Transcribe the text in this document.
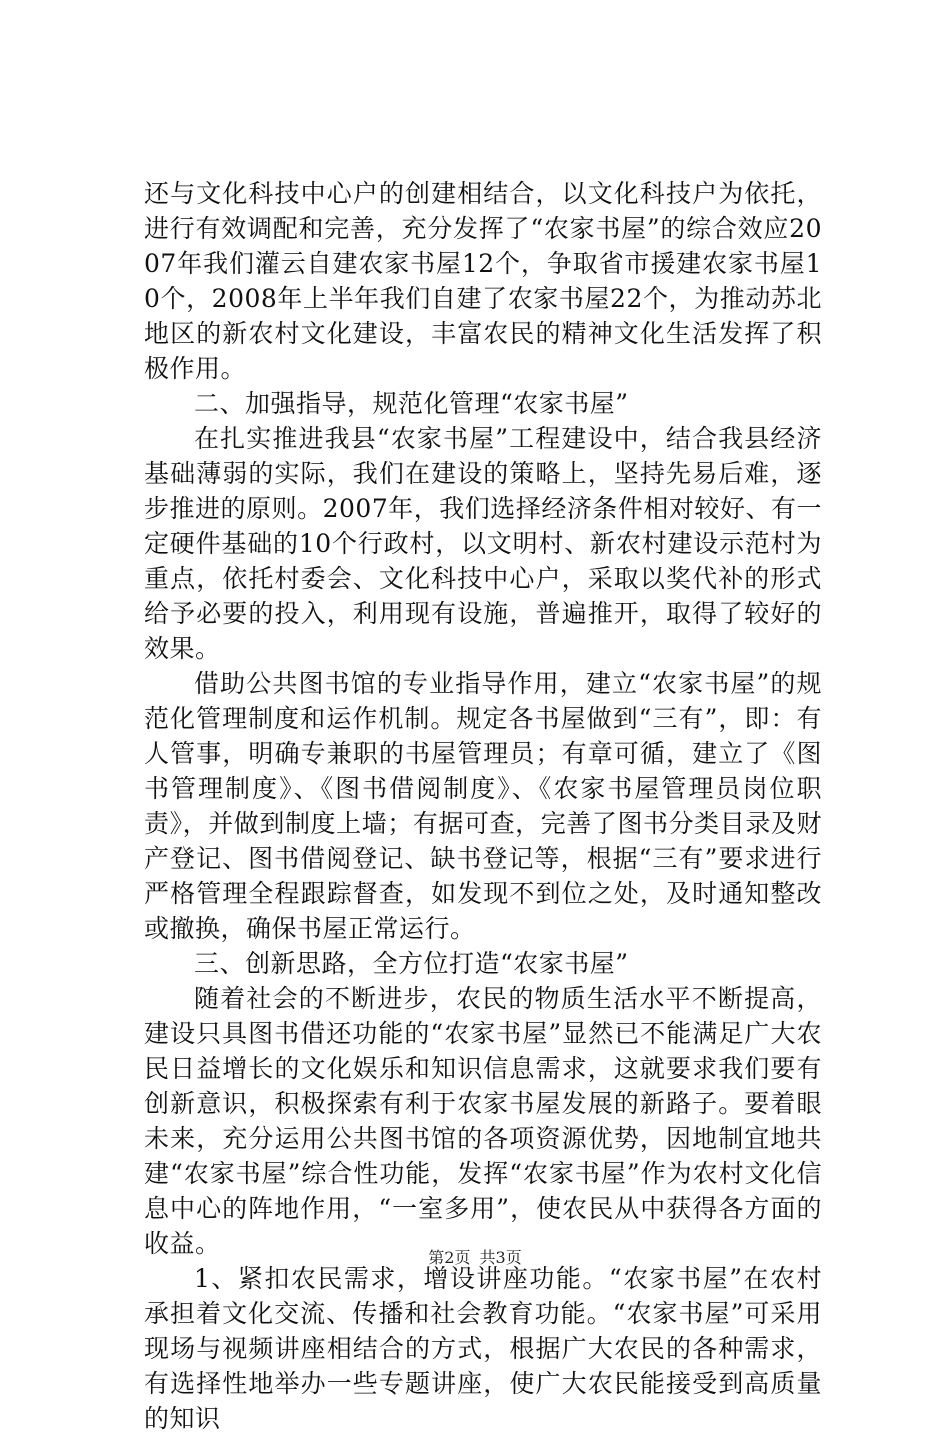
还与文化科技中心户的创建相结合，以文化科技户为依托，进行有效调配和完善，充分发挥了“农家书屋”的综合效应2007年我们灌云自建农家书屋12个，争取省市援建农家书屋10个，2008年上半年我们自建了农家书屋22个，为推动苏北地区的新农村文化建设，丰富农民的精神文化生活发挥了积极作用。

二、加强指导，规范化管理“农家书屋”

在扎实推进我县“农家书屋”工程建设中，结合我县经济基础薄弱的实际，我们在建设的策略上，坚持先易后难，逐步推进的原则。2007年，我们选择经济条件相对较好、有一定硬件基础的10个行政村，以文明村、新农村建设示范村为重点，依托村委会、文化科技中心户，采取以奖代补的形式给予必要的投入，利用现有设施，普遍推开，取得了较好的效果。

借助公共图书馆的专业指导作用，建立“农家书屋”的规范化管理制度和运作机制。规定各书屋做到“三有”，即：有人管事，明确专兼职的书屋管理员；有章可循，建立了《图书管理制度》、《图书借阅制度》、《农家书屋管理员岗位职责》，并做到制度上墙；有据可查，完善了图书分类目录及财产登记、图书借阅登记、缺书登记等，根据“三有”要求进行严格管理全程跟踪督查，如发现不到位之处，及时通知整改或撤换，确保书屋正常运行。

三、创新思路，全方位打造“农家书屋”

随着社会的不断进步，农民的物质生活水平不断提高，建设只具图书借还功能的“农家书屋”显然已不能满足广大农民日益增长的文化娱乐和知识信息需求，这就要求我们要有创新意识，积极探索有利于农家书屋发展的新路子。要着眼未来，充分运用公共图书馆的各项资源优势，因地制宜地共建“农家书屋”综合性功能，发挥“农家书屋”作为农村文化信息中心的阵地作用，“一室多用”，使农民从中获得各方面的收益。

1、紧扣农民需求，增设讲座功能。“农家书屋”在农村承担着文化交流、传播和社会教育功能。“农家书屋”可采用现场与视频讲座相结合的方式，根据广大农民的各种需求，有选择性地举办一些专题讲座，使广大农民能接受到高质量的知识

第2页 共3页
